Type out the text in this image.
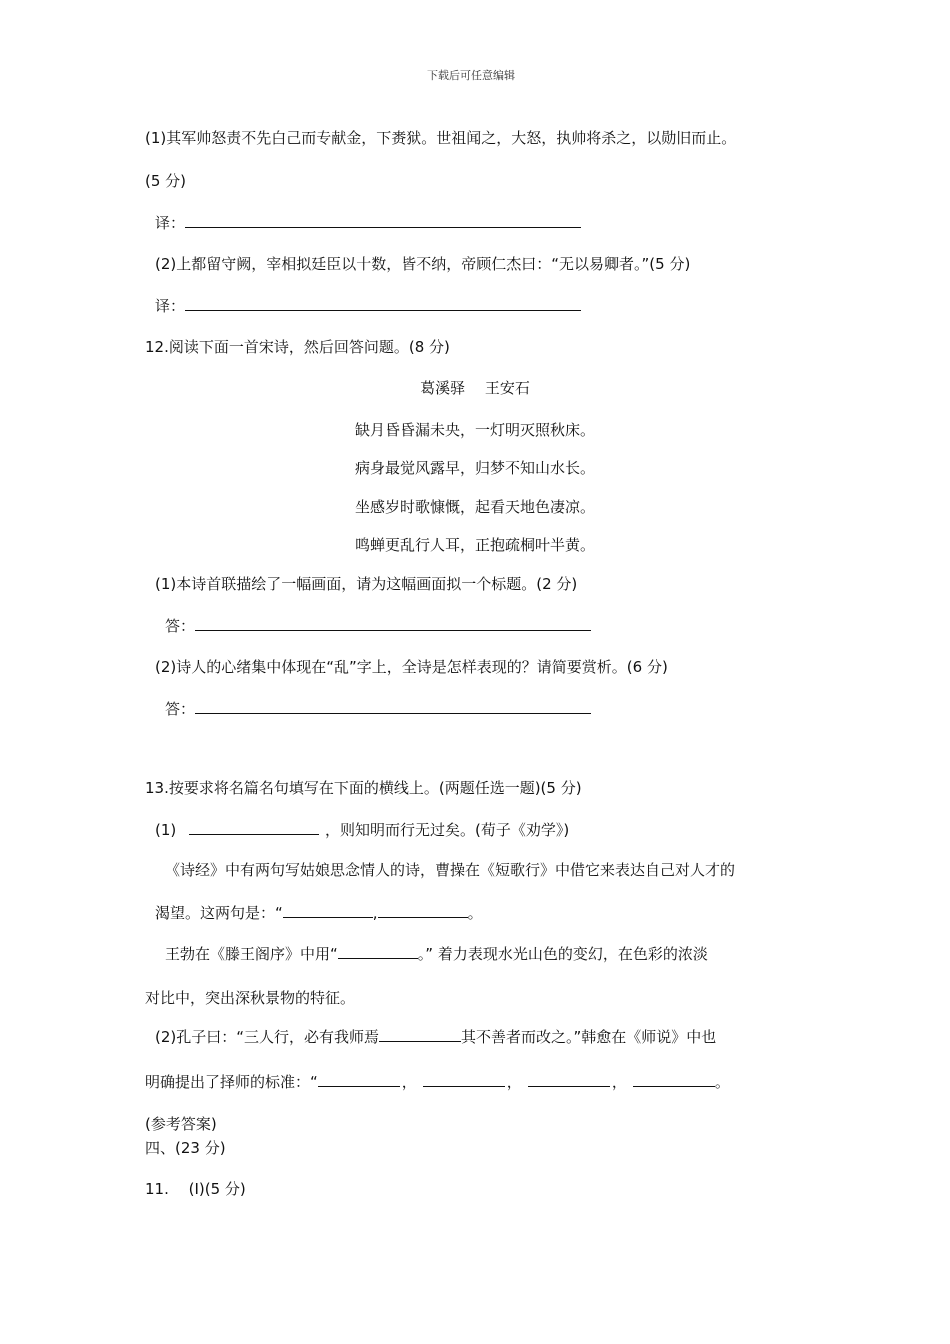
下载后可任意编辑
(1)其军帅怒责不先白己而专献金，下赉狱。世祖闻之，大怒，执帅将杀之，以勋旧而止。
(5 分)
译：
(2)上都留守阙，宰相拟廷臣以十数，皆不纳，帝顾仁杰曰：“无以易卿者。”(5 分)
译：
12.阅读下面一首宋诗，然后回答问题。(8 分)
葛溪驿　 王安石
缺月昏昏漏未央，一灯明灭照秋床。
病身最觉风露早，归梦不知山水长。
坐感岁时歌慷慨，起看天地色凄凉。
鸣蝉更乱行人耳，正抱疏桐叶半黄。
(1)本诗首联描绘了一幅画面，请为这幅画面拟一个标题。(2 分)
答：
(2)诗人的心绪集中体现在“乱”字上，全诗是怎样表现的？请简要赏析。(6 分)
答：
13.按要求将名篇名句填写在下面的横线上。(两题任选一题)(5 分)
(1)	，则知明而行无过矣。(荀子《劝学》)
《诗经》中有两句写姑娘思念情人的诗，曹操在《短歌行》中借它来表达自己对人才的
渴望。这两句是：“	,	。
王勃在《滕王阁序》中用“	。” 着力表现水光山色的变幻，在色彩的浓淡
对比中，突出深秋景物的特征。
(2)孔子曰：“三人行，必有我师焉	其不善者而改之。”韩愈在《师说》中也
明确提出了择师的标准：“	，	，	，	。
(参考答案)
四、(23 分)
11.　 (I)(5 分)
